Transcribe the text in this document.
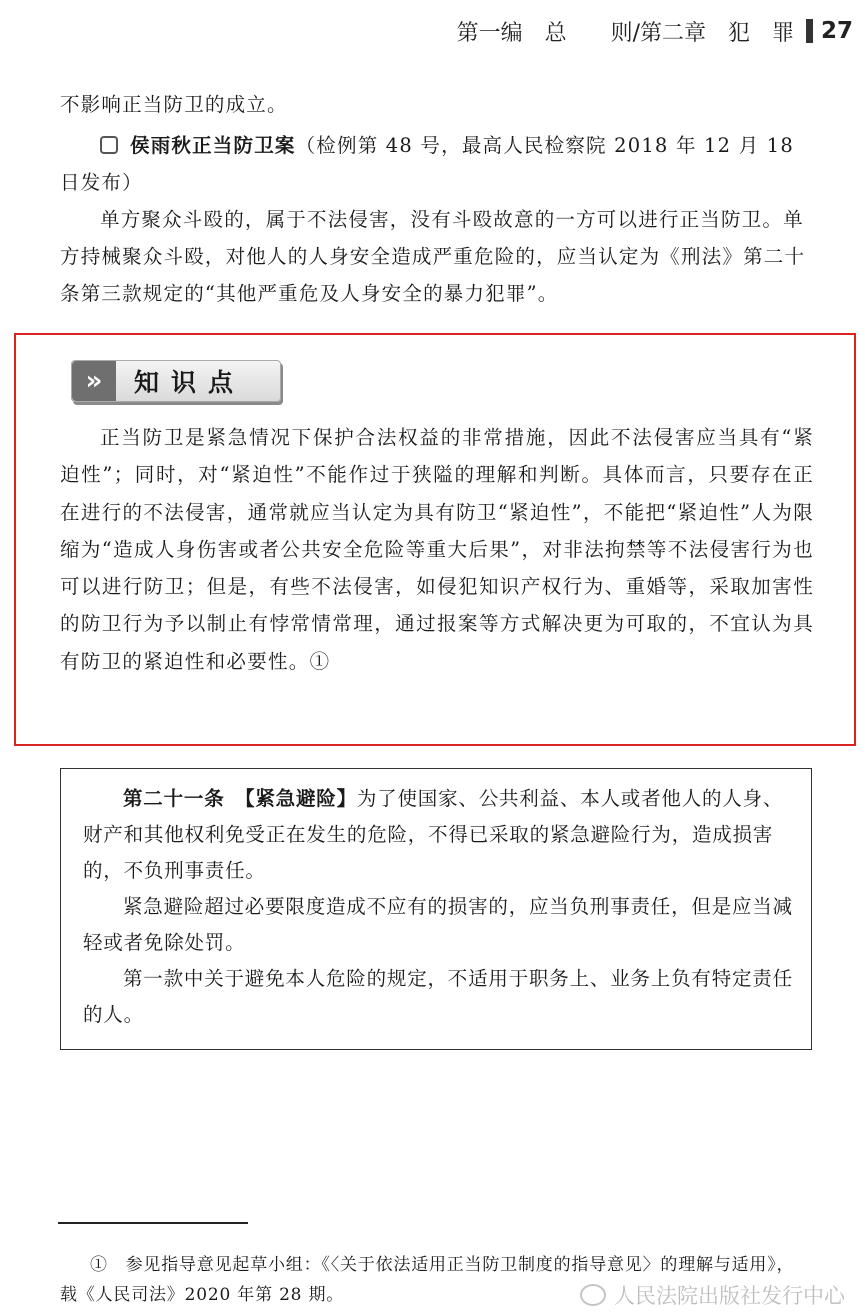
第一编　总　　则/第二章　犯　罪 27

不影响正当防卫的成立。

侯雨秋正当防卫案（检例第 48 号，最高人民检察院 2018 年 12 月 18 日发布）

单方聚众斗殴的，属于不法侵害，没有斗殴故意的一方可以进行正当防卫。单方持械聚众斗殴，对他人的人身安全造成严重危险的，应当认定为《刑法》第二十条第三款规定的“其他严重危及人身安全的暴力犯罪”。

»	知识点

正当防卫是紧急情况下保护合法权益的非常措施，因此不法侵害应当具有“紧迫性”；同时，对“紧迫性”不能作过于狭隘的理解和判断。具体而言，只要存在正在进行的不法侵害，通常就应当认定为具有防卫“紧迫性”，不能把“紧迫性”人为限缩为“造成人身伤害或者公共安全危险等重大后果”，对非法拘禁等不法侵害行为也可以进行防卫；但是，有些不法侵害，如侵犯知识产权行为、重婚等，采取加害性的防卫行为予以制止有悖常情常理，通过报案等方式解决更为可取的，不宜认为具有防卫的紧迫性和必要性。①

第二十一条　 【紧急避险】为了使国家、公共利益、本人或者他人的人身、财产和其他权利免受正在发生的危险，不得已采取的紧急避险行为，造成损害的，不负刑事责任。

紧急避险超过必要限度造成不应有的损害的，应当负刑事责任，但是应当减轻或者免除处罚。

第一款中关于避免本人危险的规定，不适用于职务上、业务上负有特定责任的人。

①　参见指导意见起草小组：《〈关于依法适用正当防卫制度的指导意见〉的理解与适用》，载《人民司法》2020 年第 28 期。	人民法院出版社发行中心
